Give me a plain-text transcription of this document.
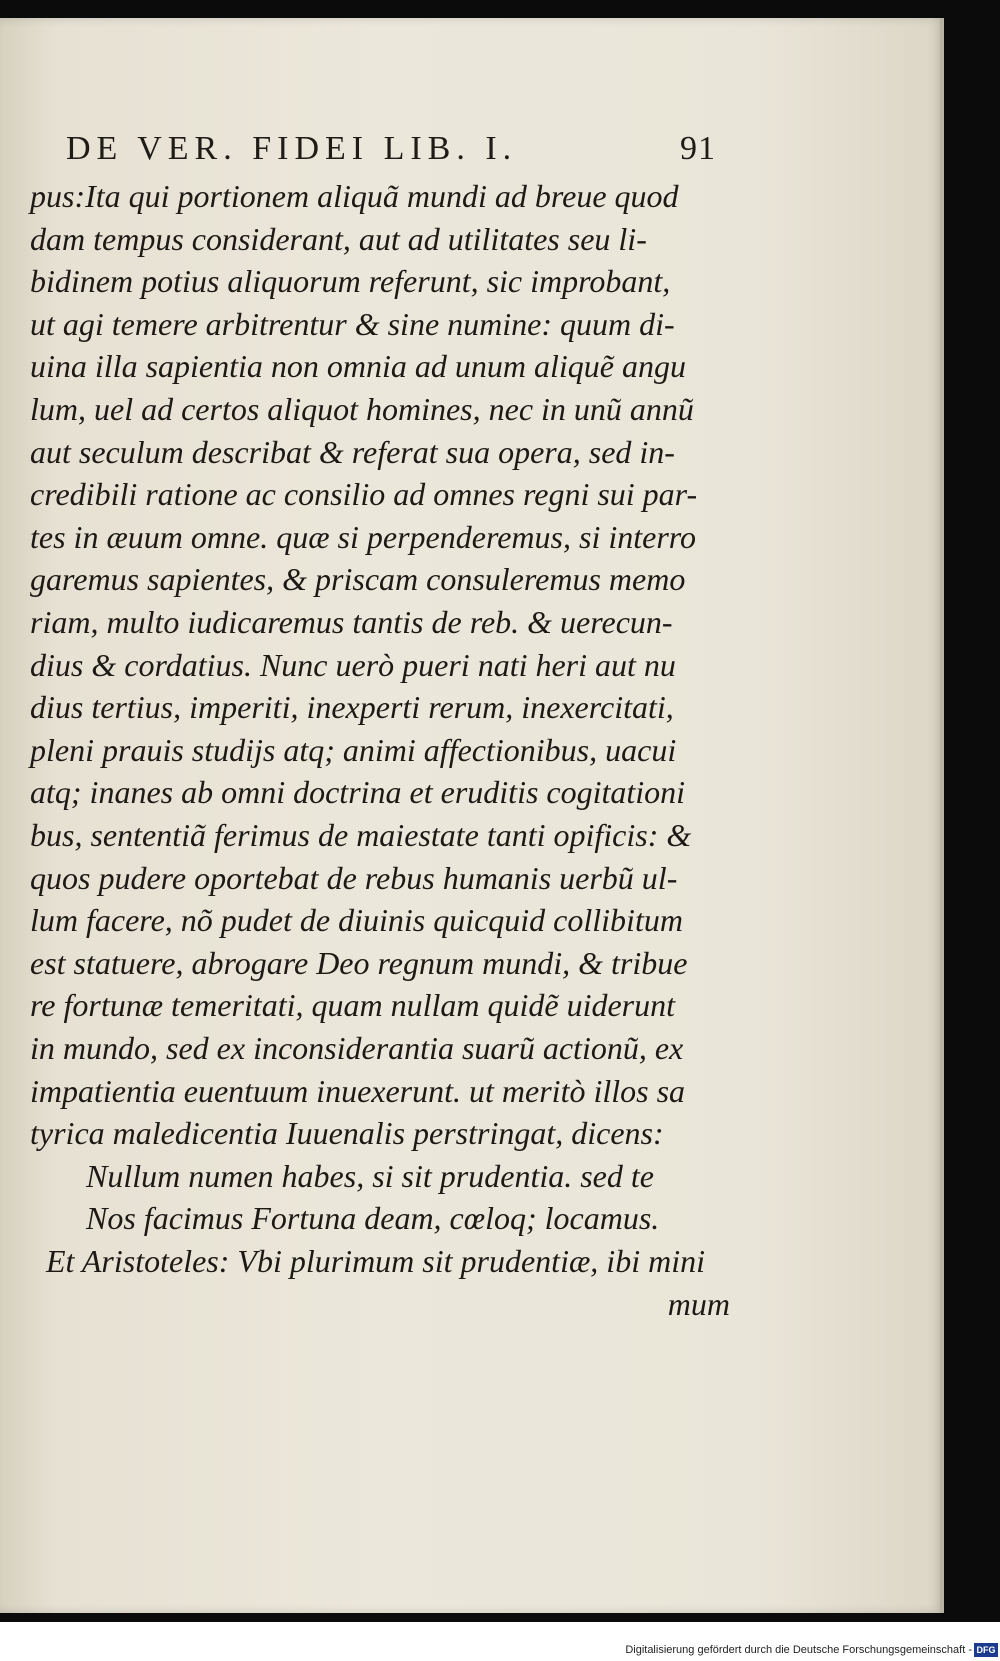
DE VER. FIDEI LIB. I.	91
pus:Ita qui portionem aliquã mundi ad breue quod
dam tempus considerant, aut ad utilitates seu li-
bidinem potius aliquorum referunt, sic improbant,
ut agi temere arbitrentur & sine numine: quum di-
uina illa sapientia non omnia ad unum aliquẽ angu
lum, uel ad certos aliquot homines, nec in unũ annũ
aut seculum describat & referat sua opera, sed in-
credibili ratione ac consilio ad omnes regni sui par-
tes in æuum omne. quæ si perpenderemus, si interro
garemus sapientes, & priscam consuleremus memo
riam, multo iudicaremus tantis de reb. & uerecun-
dius & cordatius. Nunc uerò pueri nati heri aut nu
dius tertius, imperiti, inexperti rerum, inexercitati,
pleni prauis studijs atq; animi affectionibus, uacui
atq; inanes ab omni doctrina et eruditis cogitationi
bus, sententiã ferimus de maiestate tanti opificis: &
quos pudere oportebat de rebus humanis uerbũ ul-
lum facere, nõ pudet de diuinis quicquid collibitum
est statuere, abrogare Deo regnum mundi, & tribue
re fortunæ temeritati, quam nullam quidẽ uiderunt
in mundo, sed ex inconsiderantia suarũ actionũ, ex
impatientia euentuum inuexerunt. ut meritò illos sa
tyrica maledicentia Iuuenalis perstringat, dicens:
Nullum numen habes, si sit prudentia. sed te
Nos facimus Fortuna deam, cœloq; locamus.
Et Aristoteles: Vbi plurimum sit prudentiæ, ibi mini
mum
Digitalisierung gefördert durch die Deutsche Forschungsgemeinschaft - DFG
